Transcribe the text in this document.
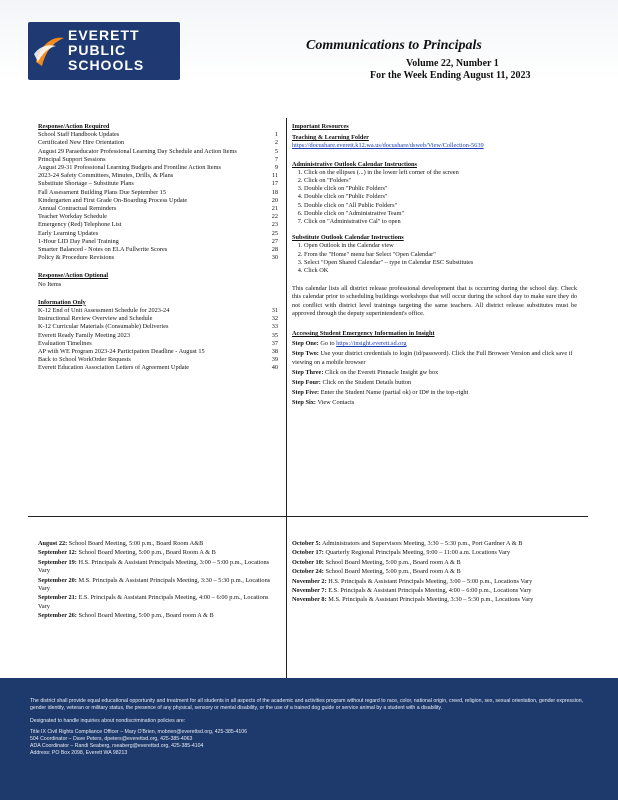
EVERETT PUBLIC SCHOOLS
Communications to Principals
Volume 22, Number 1
For the Week Ending August 11, 2023
Response/Action Required
School Staff Handbook Updates	1
Certificated New Hire Orientation	2
August 29 Paraeducator Professional Learning Day Schedule and Action Items	5
Principal Support Sessions	7
August 29-31 Professional Learning Budgets and Frontline Action Items	9
2023-24 Safety Committees, Minutes, Drills, & Plans	11
Substitute Shortage – Substitute Plans	17
Fall Assessment Building Plans Due September 15	18
Kindergarten and First Grade On-Boarding Process Update	20
Annual Contractual Reminders	21
Teacher Workday Schedule	22
Emergency (Red) Telephone List	23
Early Learning Updates	25
1-Hour LID Day Panel Training	27
Smarter Balanced - Notes on ELA Fullwrite Scores	28
Policy & Procedure Revisions	30
Response/Action Optional
No Items
Information Only
K-12 End of Unit Assessment Schedule for 2023-24	31
Instructional Review Overview and Schedule	32
K-12 Curricular Materials (Consumable) Deliveries	33
Everett Ready Family Meeting 2023	35
Evaluation Timelines	37
AP with WE Program 2023-24 Participation Deadline - August 15	38
Back to School WorkOrder Requests	39
Everett Education Association Letters of Agreement Update	40
Important Resources
Teaching & Learning Folder
https://docushare.everett.k12.wa.us/docushare/dsweb/View/Collection-5639
Administrative Outlook Calendar Instructions
1. Click on the ellipses (...) in the lower left corner of the screen
2. Click on "Folders"
3. Double click on "Public Folders"
4. Double click on "Public Folders"
5. Double click on "All Public Folders"
6. Double click on "Administrative Team"
7. Click on "Administrative Cal" to open
Substitute Outlook Calendar Instructions
1. Open Outlook in the Calendar view
2. From the "Home" menu bar Select "Open Calendar"
3. Select "Open Shared Calendar" – type in Calendar ESC Substitutes
4. Click OK

This calendar lists all district release professional development that is occurring during the school day. Check this calendar prior to scheduling buildings workshops that will occur during the school day to make sure they do not conflict with district level trainings targeting the same teachers. All district release substitutes must be approved through the deputy superintendent's office.

Accessing Student Emergency Information in Insight
Step One: Go to https://insight.everett.sd.org
Step Two: Use your district credentials to login (id/password). Click the Full Browser Version and click save if viewing on a mobile browser
Step Three: Click on the Everett Pinnacle Insight gw box
Step Four: Click on the Student Details button
Step Five: Enter the Student Name (partial ok) or ID# in the top-right
Step Six: View Contacts
August 22: School Board Meeting, 5:00 p.m., Board Room A&B
September 12: School Board Meeting, 5:00 p.m., Board Room A & B
September 19: H.S. Principals & Assistant Principals Meeting, 3:00 – 5:00 p.m., Locations Vary
September 20: M.S. Principals & Assistant Principals Meeting, 3:30 – 5:30 p.m., Locations Vary
September 21: E.S. Principals & Assistant Principals Meeting, 4:00 – 6:00 p.m., Locations Vary
September 26: School Board Meeting, 5:00 p.m., Board room A & B
October 5: Administrators and Supervisors Meeting, 3:30 – 5:30 p.m., Port Gardner A & B
October 17: Quarterly Regional Principals Meeting, 9:00 – 11:00 a.m. Locations Vary
October 10: School Board Meeting, 5:00 p.m., Board room A & B
October 24: School Board Meeting, 5:00 p.m., Board room A & B
November 2: H.S. Principals & Assistant Principals Meeting, 3:00 – 5:00 p.m., Locations Vary
November 7: E.S. Principals & Assistant Principals Meeting, 4:00 – 6:00 p.m., Locations Vary
November 8: M.S. Principals & Assistant Principals Meeting, 3:30 – 5:30 p.m., Locations Vary

The district shall provide equal educational opportunity and treatment for all students in all aspects of the academic and activities program without regard to race, color, national origin, creed, religion, sex, sexual orientation, gender expression, gender identity, veteran or military status, the presence of any physical, sensory or mental disability, or the use of a trained dog guide or service animal by a student with a disability.

Designated to handle inquiries about nondiscrimination policies are:

Title IX Civil Rights Compliance Officer – Mary O'Brien, mobrien@everettsd.org, 425-385-4106
504 Coordinator – Dave Peters, dpeters@everettsd.org, 425-385-4063
ADA Coordinator – Randi Seaberg, rseaberg@everettsd.org, 425-385-4104
Address: PO Box 2098, Everett WA 98213
